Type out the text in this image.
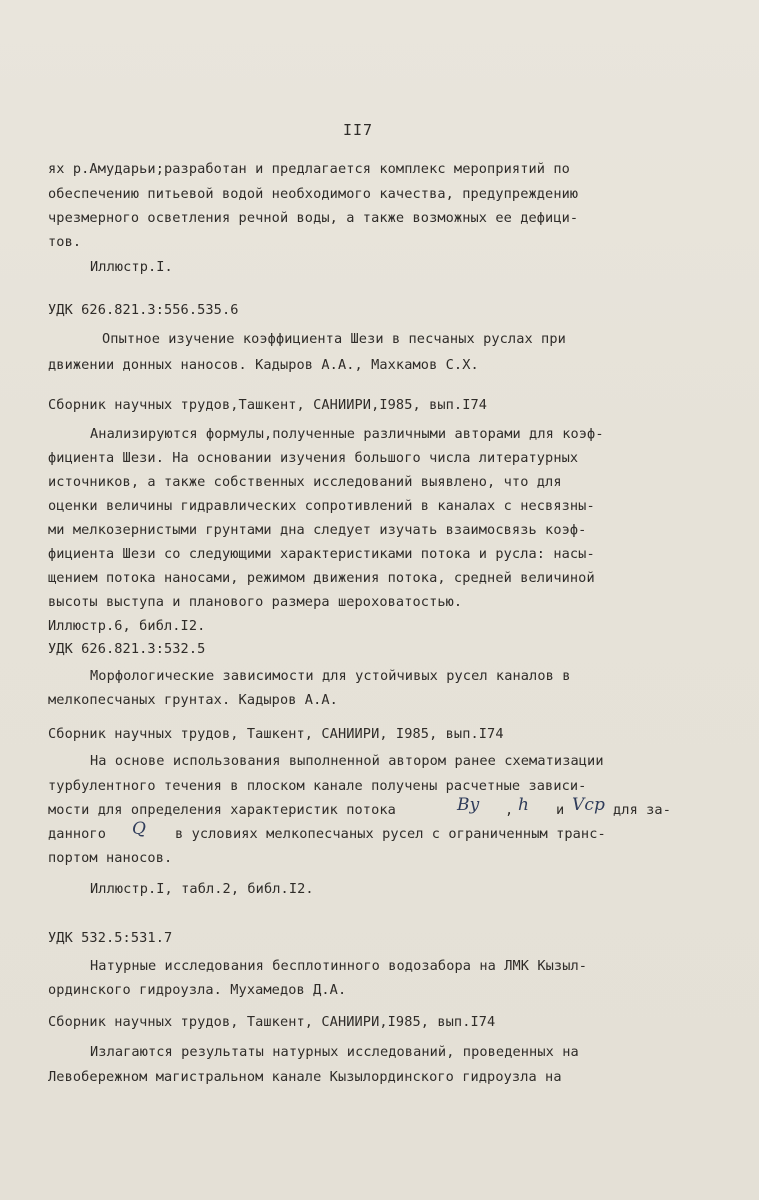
II7
ях р.Амударьи;разработан и предлагается комплекс мероприятий по
обеспечению питьевой водой необходимого качества, предупреждению
чрезмерного осветления речной воды, а также возможных ее дефици-
тов.
Иллюстр.I.
УДК 626.821.3:556.535.6
Опытное изучение коэффициента Шези в песчаных руслах при
движении донных наносов. Кадыров А.А., Махкамов С.Х.
Сборник научных трудов,Ташкент, САНИИРИ,I985, вып.I74
Анализируются формулы,полученные различными авторами для коэф-
фициента Шези. На основании изучения большого числа литературных
источников, а также собственных исследований выявлено, что для
оценки величины гидравлических сопротивлений в каналах с несвязны-
ми мелкозернистыми грунтами дна следует изучать взаимосвязь коэф-
фициента Шези со следующими характеристиками потока и русла: насы-
щением потока наносами, режимом движения потока, средней величиной
высоты выступа и планового размера шероховатостью.
Иллюстр.6, библ.I2.
УДК 626.821.3:532.5
Морфологические зависимости для устойчивых русел каналов в
мелкопесчаных грунтах. Кадыров А.А.
Сборник научных трудов, Ташкент, САНИИРИ, I985, вып.I74
На основе использования выполненной автором ранее схематизации
турбулентного течения в плоском канале получены расчетные зависи-
мости для определения характеристик потока	By , h и Vср для за-
данного Q в условиях мелкопесчаных русел с ограниченным транс-
портом наносов.
Иллюстр.I, табл.2, библ.I2.
УДК 532.5:531.7
Натурные исследования бесплотинного водозабора на ЛМК Кызыл-
ординского гидроузла. Мухамедов Д.А.
Сборник научных трудов, Ташкент, САНИИРИ,I985, вып.I74
Излагаются результаты натурных исследований, проведенных на
Левобережном магистральном канале Кызылординского гидроузла на
